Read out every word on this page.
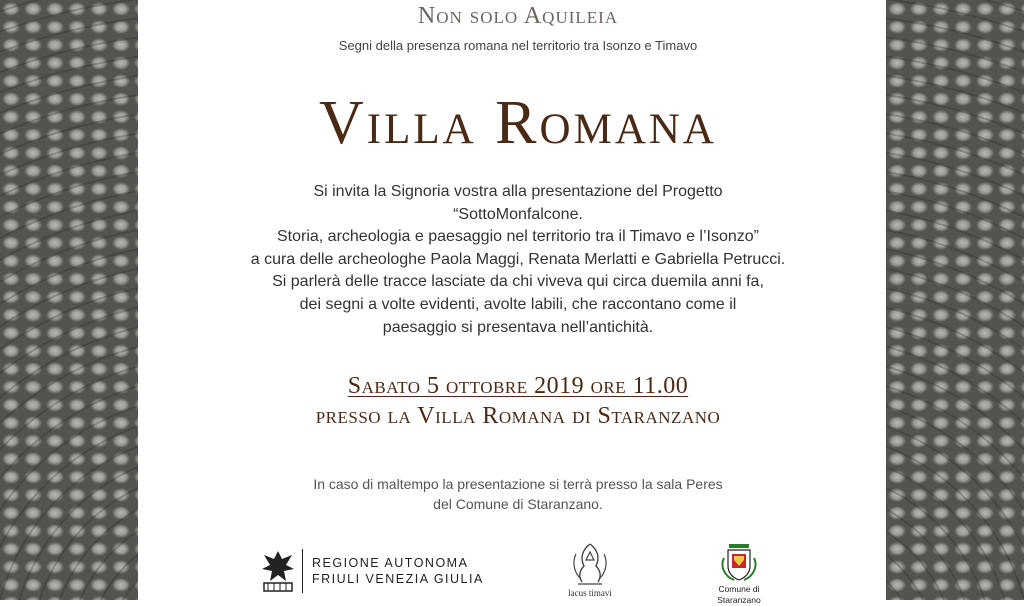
Non solo Aquileia
Segni della presenza romana nel territorio tra Isonzo e Timavo
Villa Romana
Si invita la Signoria vostra alla presentazione del Progetto
“SottoMonfalcone.
Storia, archeologia e paesaggio nel territorio tra il Timavo e l’Isonzo”
a cura delle archeologhe Paola Maggi, Renata Merlatti e Gabriella Petrucci.
Si parlerà delle tracce lasciate da chi viveva qui circa duemila anni fa,
dei segni a volte evidenti, avolte labili, che raccontano come il
paesaggio si presentava nell’antichità.
Sabato 5 ottobre 2019 ore 11.00
presso la Villa Romana di Staranzano
In caso di maltempo la presentazione si terrà presso la sala Peres
del Comune di Staranzano.
REGIONE AUTONOMA
FRIULI VENEZIA GIULIA
lacus timavi	Comune di
Staranzano
